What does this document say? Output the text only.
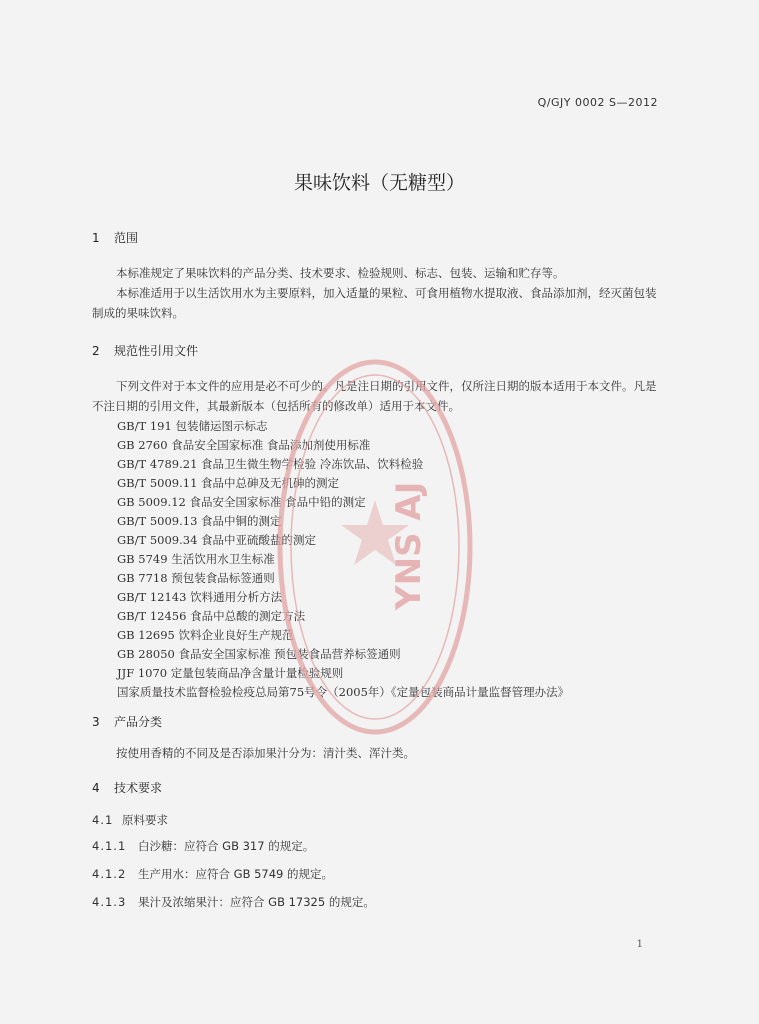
Q/GJY 0002 S—2012
果味饮料（无糖型）
1 范围
本标准规定了果味饮料的产品分类、技术要求、检验规则、标志、包装、运输和贮存等。
本标准适用于以生活饮用水为主要原料，加入适量的果粒、可食用植物水提取液、食品添加剂，经灭菌包装制成的果味饮料。
2 规范性引用文件
下列文件对于本文件的应用是必不可少的。凡是注日期的引用文件，仅所注日期的版本适用于本文件。凡是不注日期的引用文件，其最新版本（包括所有的修改单）适用于本文件。
GB/T 191 包装储运图示标志
GB 2760 食品安全国家标准 食品添加剂使用标准
GB/T 4789.21 食品卫生微生物学检验 冷冻饮品、饮料检验
GB/T 5009.11 食品中总砷及无机砷的测定
GB 5009.12 食品安全国家标准 食品中铅的测定
GB/T 5009.13 食品中铜的测定
GB/T 5009.34 食品中亚硫酸盐的测定
GB 5749 生活饮用水卫生标准
GB 7718 预包装食品标签通则
GB/T 12143 饮料通用分析方法
GB/T 12456 食品中总酸的测定方法
GB 12695 饮料企业良好生产规范
GB 28050 食品安全国家标准 预包装食品营养标签通则
JJF 1070 定量包装商品净含量计量检验规则
国家质量技术监督检验检疫总局第75号令（2005年）《定量包装商品计量监督管理办法》
3 产品分类
按使用香精的不同及是否添加果汁分为：清汁类、浑汁类。
4 技术要求
4.1 原料要求
4.1.1 白沙糖：应符合 GB 317 的规定。
4.1.2 生产用水：应符合 GB 5749 的规定。
4.1.3 果汁及浓缩果汁：应符合 GB 17325 的规定。
1
YNS AJ
